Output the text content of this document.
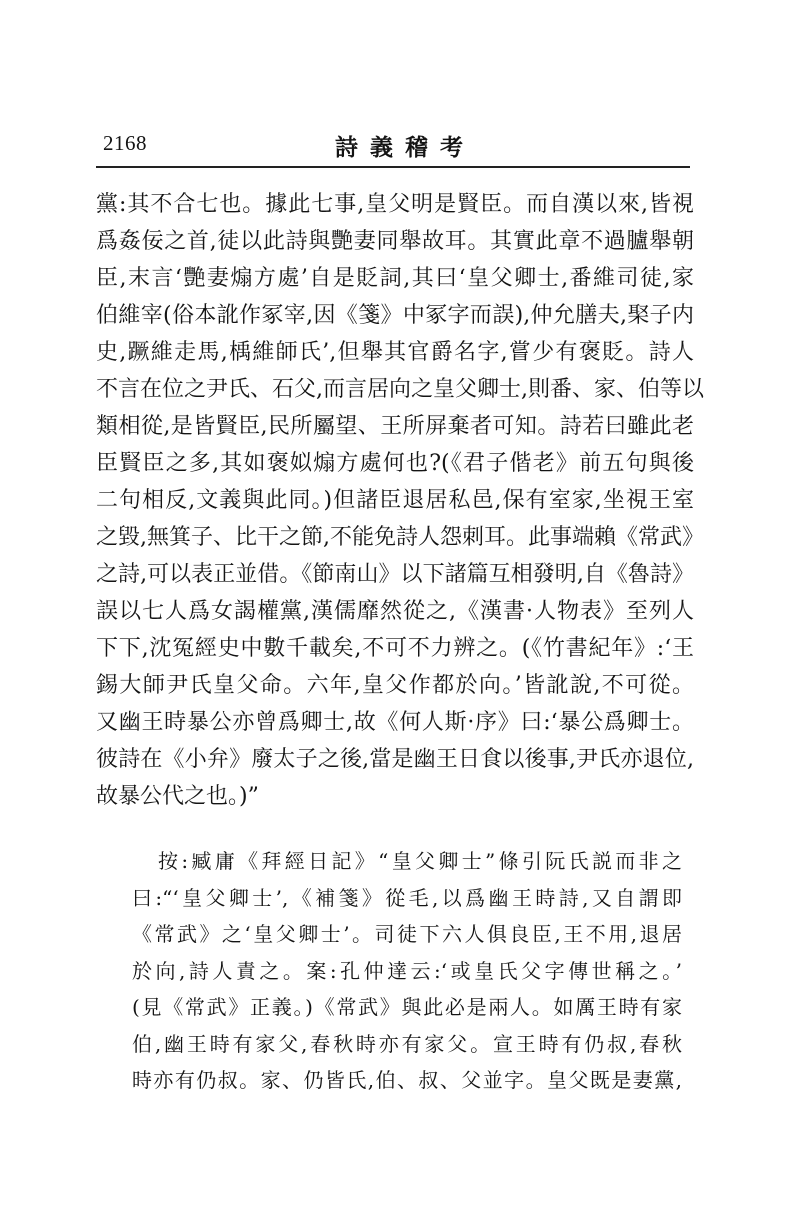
2168	詩義稽考
黨:其不合七也。據此七事,皇父明是賢臣。而自漢以來,皆視
爲姦佞之首,徒以此詩與艷妻同舉故耳。其實此章不過臚舉朝
臣,末言‘艷妻煽方處’自是貶詞,其曰‘皇父卿士,番維司徒,家
伯維宰(俗本訛作冢宰,因《箋》中冢字而誤),仲允膳夫,棸子内
史,蹶維走馬,楀維師氏’,但舉其官爵名字,嘗少有褒貶。詩人
不言在位之尹氏、石父,而言居向之皇父卿士,則番、家、伯等以
類相從,是皆賢臣,民所屬望、王所屏棄者可知。詩若曰雖此老
臣賢臣之多,其如褒姒煽方處何也?(《君子偕老》前五句與後
二句相反,文義與此同。)但諸臣退居私邑,保有室家,坐視王室
之毀,無箕子、比干之節,不能免詩人怨刺耳。此事端賴《常武》
之詩,可以表正並借。《節南山》以下諸篇互相發明,自《魯詩》
誤以七人爲女謁權黨,漢儒靡然從之,《漢書·人物表》至列人
下下,沈冤經史中數千載矣,不可不力辨之。(《竹書紀年》:‘王
錫大師尹氏皇父命。六年,皇父作都於向。’皆訛說,不可從。
又幽王時暴公亦曾爲卿士,故《何人斯·序》曰:‘暴公爲卿士。
彼詩在《小弁》廢太子之後,當是幽王日食以後事,尹氏亦退位,
故暴公代之也。)”
按:臧庸《拜經日記》“皇父卿士”條引阮氏説而非之
曰:“‘皇父卿士’,《補箋》從毛,以爲幽王時詩,又自謂即
《常武》之‘皇父卿士’。司徒下六人俱良臣,王不用,退居
於向,詩人責之。案:孔仲達云:‘或皇氏父字傳世稱之。’
(見《常武》正義。)《常武》與此必是兩人。如厲王時有家
伯,幽王時有家父,春秋時亦有家父。宣王時有仍叔,春秋
時亦有仍叔。家、仍皆氏,伯、叔、父並字。皇父既是妻黨,
